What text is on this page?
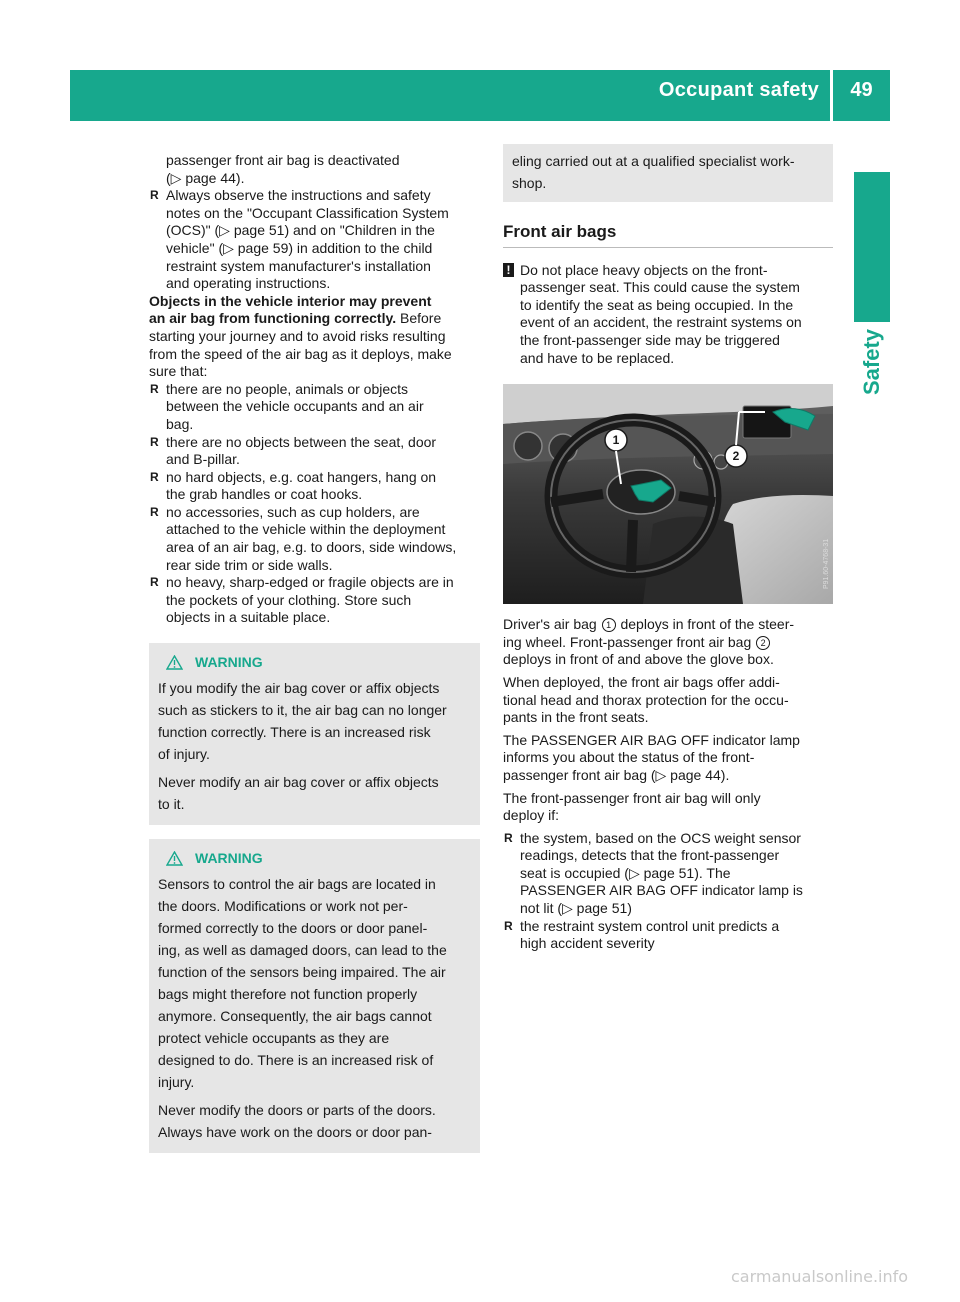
Occupant safety	49
Safety
passenger front air bag is deactivated
(▷ page 44).
R Always observe the instructions and safety
notes on the "Occupant Classification System
(OCS)" (▷ page 51) and on "Children in the
vehicle" (▷ page 59) in addition to the child
restraint system manufacturer's installation
and operating instructions.
Objects in the vehicle interior may prevent
an air bag from functioning correctly. Before
starting your journey and to avoid risks resulting
from the speed of the air bag as it deploys, make
sure that:
R there are no people, animals or objects
between the vehicle occupants and an air
bag.
R there are no objects between the seat, door
and B-pillar.
R no hard objects, e.g. coat hangers, hang on
the grab handles or coat hooks.
R no accessories, such as cup holders, are
attached to the vehicle within the deployment
area of an air bag, e.g. to doors, side windows,
rear side trim or side walls.
R no heavy, sharp-edged or fragile objects are in
the pockets of your clothing. Store such
objects in a suitable place.
WARNING

If you modify the air bag cover or affix objects
such as stickers to it, the air bag can no longer
function correctly. There is an increased risk
of injury.

Never modify an air bag cover or affix objects
to it.

WARNING

Sensors to control the air bags are located in
the doors. Modifications or work not per-
formed correctly to the doors or door panel-
ing, as well as damaged doors, can lead to the
function of the sensors being impaired. The air
bags might therefore not function properly
anymore. Consequently, the air bags cannot
protect vehicle occupants as they are
designed to do. There is an increased risk of
injury.

Never modify the doors or parts of the doors.
Always have work on the doors or door pan-

eling carried out at a qualified specialist work-
shop.
Front air bags
! Do not place heavy objects on the front-
passenger seat. This could cause the system
to identify the seat as being occupied. In the
event of an accident, the restraint systems on
the front-passenger side may be triggered
and have to be replaced.
1
2
P91.60-4768-31
Driver's air bag 1 deploys in front of the steer-
ing wheel. Front-passenger front air bag 2
deploys in front of and above the glove box.
When deployed, the front air bags offer addi-
tional head and thorax protection for the occu-
pants in the front seats.
The PASSENGER AIR BAG OFF indicator lamp
informs you about the status of the front-
passenger front air bag (▷ page 44).
The front-passenger front air bag will only
deploy if:
R the system, based on the OCS weight sensor
readings, detects that the front-passenger
seat is occupied (▷ page 51). The
PASSENGER AIR BAG OFF indicator lamp is
not lit (▷ page 51)
R the restraint system control unit predicts a
high accident severity
carmanualsonline.info
